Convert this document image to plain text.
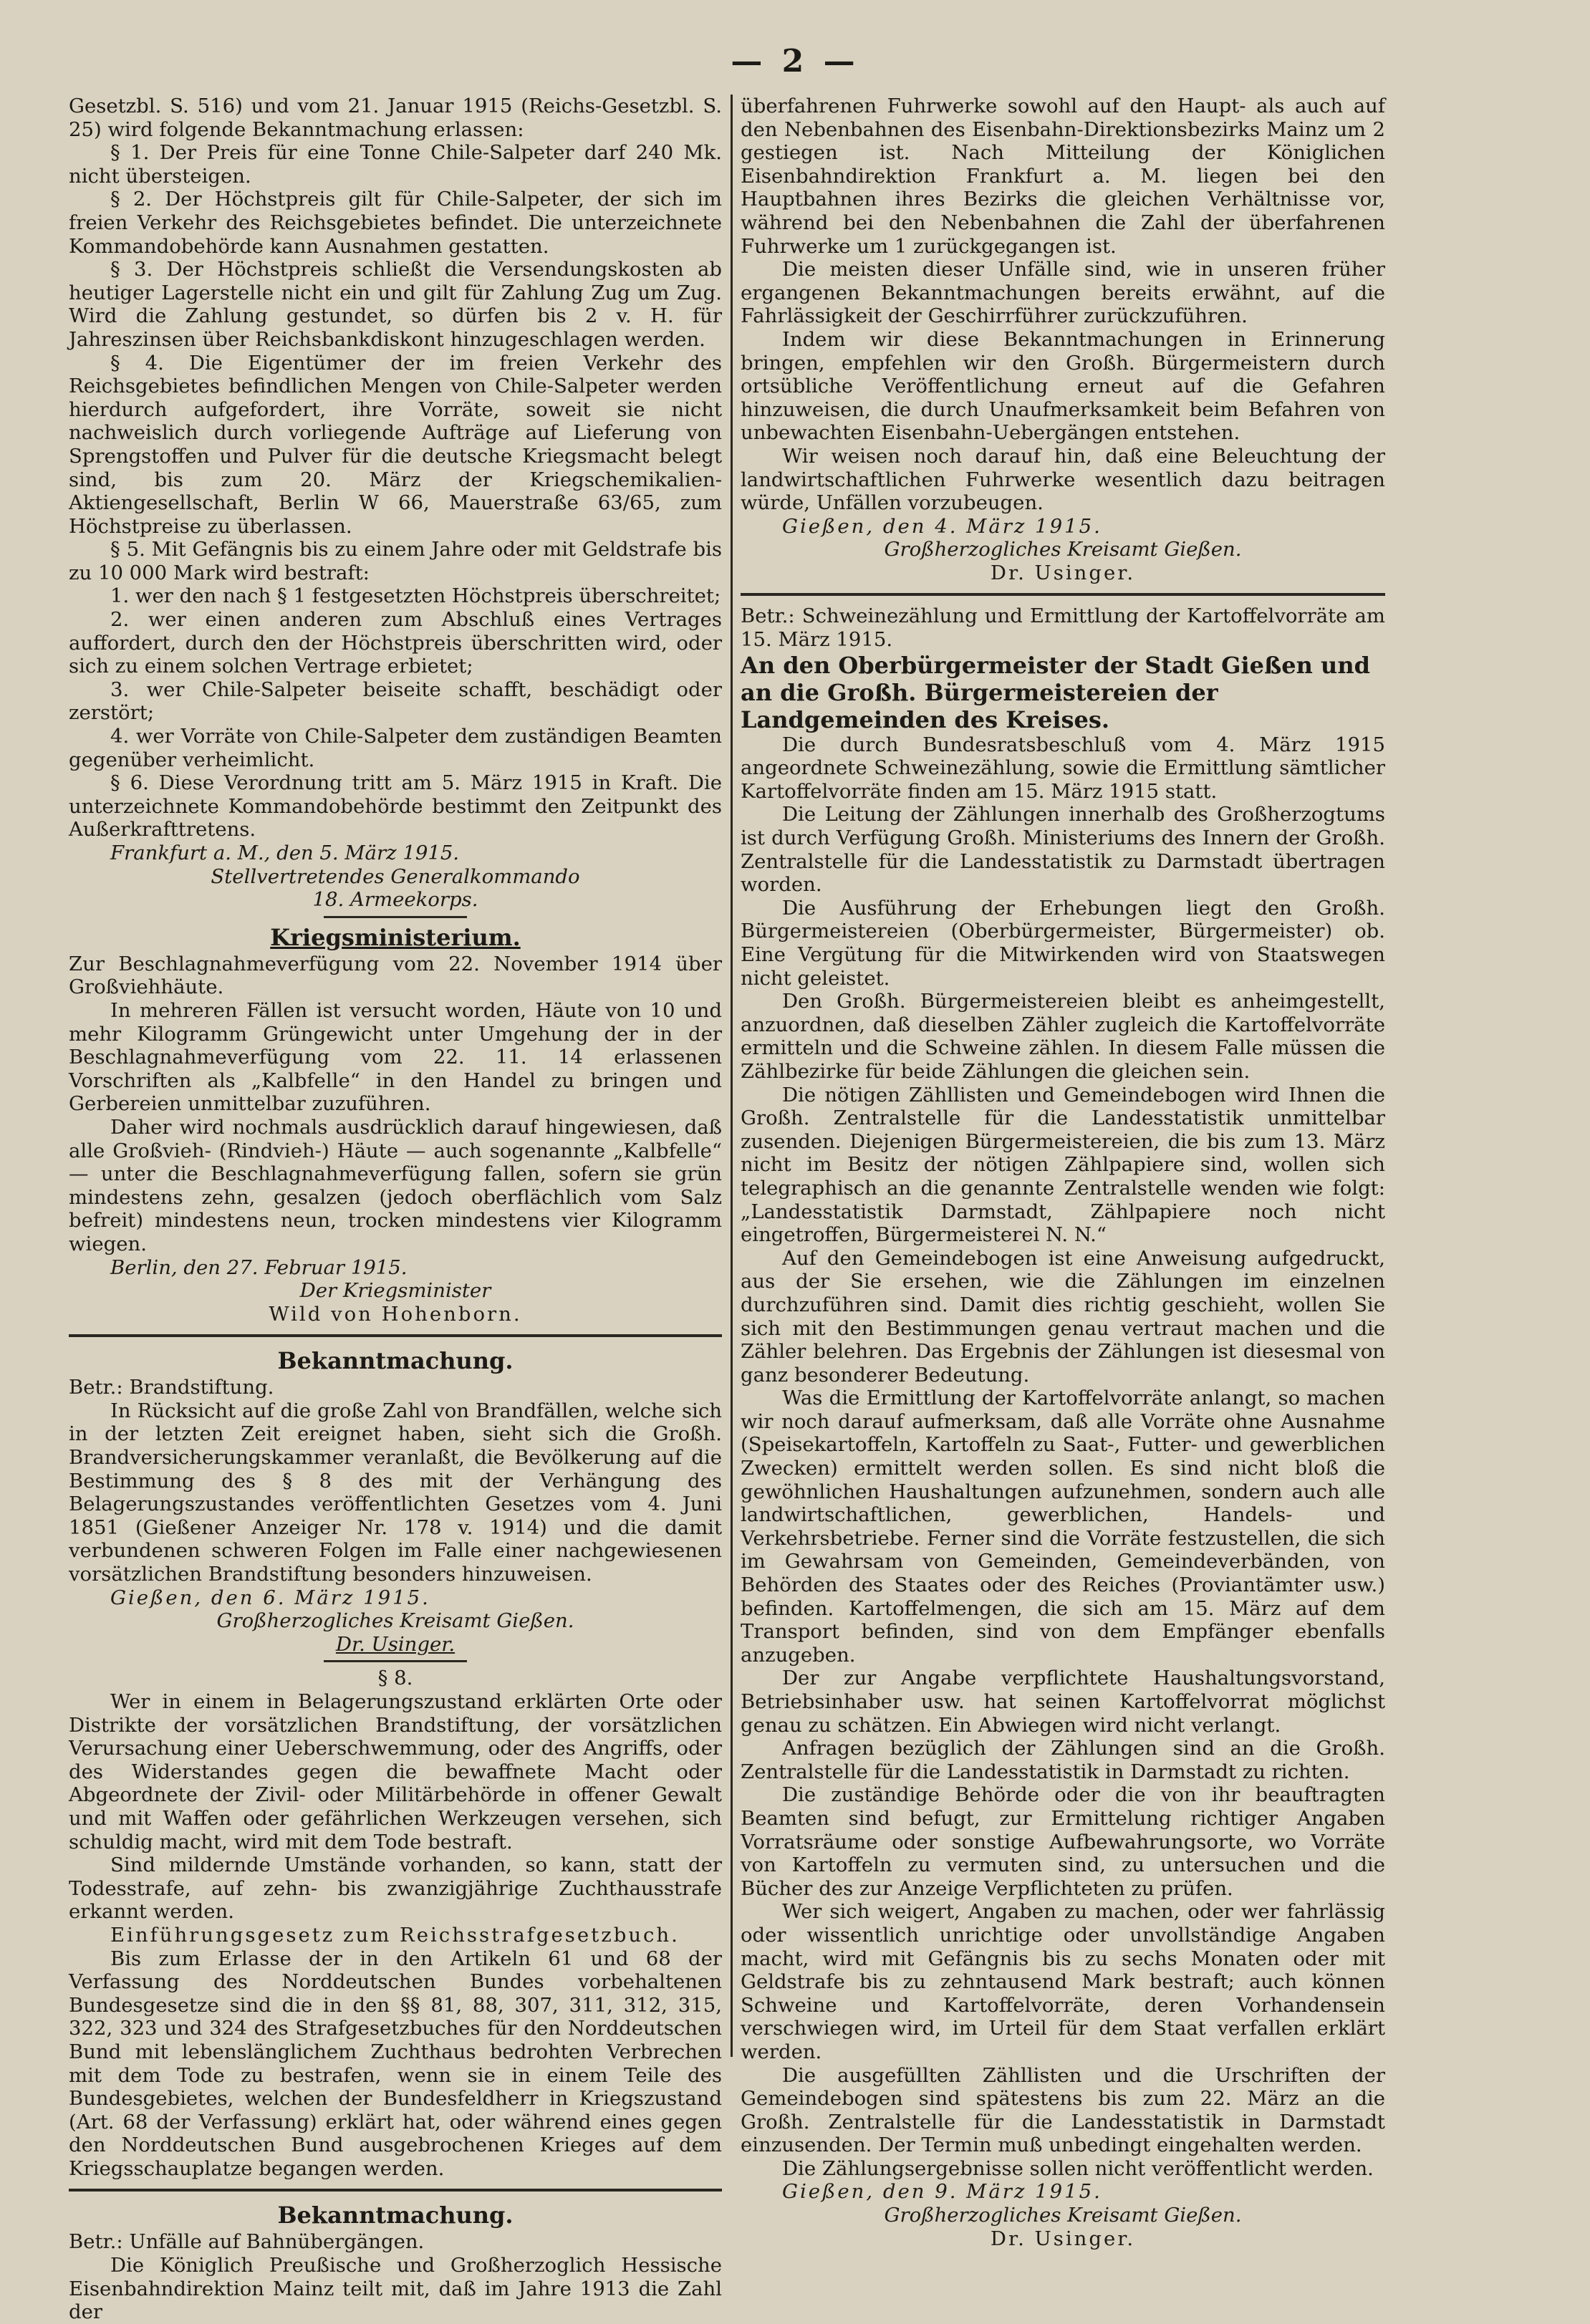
— 2 —

Gesetzbl. S. 516) und vom 21. Januar 1915 (Reichs-Gesetzbl. S. 25) wird folgende Bekanntmachung erlassen:

§ 1. Der Preis für eine Tonne Chile-Salpeter darf 240 Mk. nicht übersteigen.

§ 2. Der Höchstpreis gilt für Chile-Salpeter, der sich im freien Verkehr des Reichsgebietes befindet. Die unterzeichnete Kommandobehörde kann Ausnahmen gestatten.

§ 3. Der Höchstpreis schließt die Versendungskosten ab heutiger Lagerstelle nicht ein und gilt für Zahlung Zug um Zug. Wird die Zahlung gestundet, so dürfen bis 2 v. H. für Jahreszinsen über Reichsbankdiskont hinzugeschlagen werden.

§ 4. Die Eigentümer der im freien Verkehr des Reichsgebietes befindlichen Mengen von Chile-Salpeter werden hierdurch aufgefordert, ihre Vorräte, soweit sie nicht nachweislich durch vorliegende Aufträge auf Lieferung von Sprengstoffen und Pulver für die deutsche Kriegsmacht belegt sind, bis zum 20. März der Kriegschemikalien-Aktiengesellschaft, Berlin W 66, Mauerstraße 63/65, zum Höchstpreise zu überlassen.

§ 5. Mit Gefängnis bis zu einem Jahre oder mit Geldstrafe bis zu 10 000 Mark wird bestraft:

1. wer den nach § 1 festgesetzten Höchstpreis überschreitet;

2. wer einen anderen zum Abschluß eines Vertrages auffordert, durch den der Höchstpreis überschritten wird, oder sich zu einem solchen Vertrage erbietet;

3. wer Chile-Salpeter beiseite schafft, beschädigt oder zerstört;

4. wer Vorräte von Chile-Salpeter dem zuständigen Beamten gegenüber verheimlicht.

§ 6. Diese Verordnung tritt am 5. März 1915 in Kraft. Die unterzeichnete Kommandobehörde bestimmt den Zeitpunkt des Außerkrafttretens.

Frankfurt a. M., den 5. März 1915.

Stellvertretendes Generalkommando

18. Armeekorps.

Kriegsministerium.

Zur Beschlagnahmeverfügung vom 22. November 1914 über Großviehhäute.

In mehreren Fällen ist versucht worden, Häute von 10 und mehr Kilogramm Grüngewicht unter Umgehung der in der Beschlagnahmeverfügung vom 22. 11. 14 erlassenen Vorschriften als „Kalbfelle“ in den Handel zu bringen und Gerbereien unmittelbar zuzuführen.

Daher wird nochmals ausdrücklich darauf hingewiesen, daß alle Großvieh- (Rindvieh-) Häute — auch sogenannte „Kalbfelle“ — unter die Beschlagnahmeverfügung fallen, sofern sie grün mindestens zehn, gesalzen (jedoch oberflächlich vom Salz befreit) mindestens neun, trocken mindestens vier Kilogramm wiegen.

Berlin, den 27. Februar 1915.

Der Kriegsminister

Wild von Hohenborn.

Bekanntmachung.

Betr.: Brandstiftung.

In Rücksicht auf die große Zahl von Brandfällen, welche sich in der letzten Zeit ereignet haben, sieht sich die Großh. Brandversicherungskammer veranlaßt, die Bevölkerung auf die Bestimmung des § 8 des mit der Verhängung des Belagerungszustandes veröffentlichten Gesetzes vom 4. Juni 1851 (Gießener Anzeiger Nr. 178 v. 1914) und die damit verbundenen schweren Folgen im Falle einer nachgewiesenen vorsätzlichen Brandstiftung besonders hinzuweisen.

Gießen, den 6. März 1915.

Großherzogliches Kreisamt Gießen.

Dr. Usinger.

§ 8.

Wer in einem in Belagerungszustand erklärten Orte oder Distrikte der vorsätzlichen Brandstiftung, der vorsätzlichen Verursachung einer Ueberschwemmung, oder des Angriffs, oder des Widerstandes gegen die bewaffnete Macht oder Abgeordnete der Zivil- oder Militärbehörde in offener Gewalt und mit Waffen oder gefährlichen Werkzeugen versehen, sich schuldig macht, wird mit dem Tode bestraft.

Sind mildernde Umstände vorhanden, so kann, statt der Todesstrafe, auf zehn- bis zwanzigjährige Zuchthausstrafe erkannt werden.

Einführungsgesetz zum Reichsstrafgesetzbuch.

Bis zum Erlasse der in den Artikeln 61 und 68 der Verfassung des Norddeutschen Bundes vorbehaltenen Bundesgesetze sind die in den §§ 81, 88, 307, 311, 312, 315, 322, 323 und 324 des Strafgesetzbuches für den Norddeutschen Bund mit lebenslänglichem Zuchthaus bedrohten Verbrechen mit dem Tode zu bestrafen, wenn sie in einem Teile des Bundesgebietes, welchen der Bundesfeldherr in Kriegszustand (Art. 68 der Verfassung) erklärt hat, oder während eines gegen den Norddeutschen Bund ausgebrochenen Krieges auf dem Kriegsschauplatze begangen werden.

Bekanntmachung.

Betr.: Unfälle auf Bahnübergängen.

Die Königlich Preußische und Großherzoglich Hessische Eisenbahndirektion Mainz teilt mit, daß im Jahre 1913 die Zahl der

überfahrenen Fuhrwerke sowohl auf den Haupt- als auch auf den Nebenbahnen des Eisenbahn-Direktionsbezirks Mainz um 2 gestiegen ist. Nach Mitteilung der Königlichen Eisenbahndirektion Frankfurt a. M. liegen bei den Hauptbahnen ihres Bezirks die gleichen Verhältnisse vor, während bei den Nebenbahnen die Zahl der überfahrenen Fuhrwerke um 1 zurückgegangen ist.

Die meisten dieser Unfälle sind, wie in unseren früher ergangenen Bekanntmachungen bereits erwähnt, auf die Fahrlässigkeit der Geschirrführer zurückzuführen.

Indem wir diese Bekanntmachungen in Erinnerung bringen, empfehlen wir den Großh. Bürgermeistern durch ortsübliche Veröffentlichung erneut auf die Gefahren hinzuweisen, die durch Unaufmerksamkeit beim Befahren von unbewachten Eisenbahn-Uebergängen entstehen.

Wir weisen noch darauf hin, daß eine Beleuchtung der landwirtschaftlichen Fuhrwerke wesentlich dazu beitragen würde, Unfällen vorzubeugen.

Gießen, den 4. März 1915.

Großherzogliches Kreisamt Gießen.

Dr. Usinger.

Betr.: Schweinezählung und Ermittlung der Kartoffelvorräte am 15. März 1915.

An den Oberbürgermeister der Stadt Gießen und an die Großh. Bürgermeistereien der Landgemeinden des Kreises.

Die durch Bundesratsbeschluß vom 4. März 1915 angeordnete Schweinezählung, sowie die Ermittlung sämtlicher Kartoffelvorräte finden am 15. März 1915 statt.

Die Leitung der Zählungen innerhalb des Großherzogtums ist durch Verfügung Großh. Ministeriums des Innern der Großh. Zentralstelle für die Landesstatistik zu Darmstadt übertragen worden.

Die Ausführung der Erhebungen liegt den Großh. Bürgermeistereien (Oberbürgermeister, Bürgermeister) ob. Eine Vergütung für die Mitwirkenden wird von Staatswegen nicht geleistet.

Den Großh. Bürgermeistereien bleibt es anheimgestellt, anzuordnen, daß dieselben Zähler zugleich die Kartoffelvorräte ermitteln und die Schweine zählen. In diesem Falle müssen die Zählbezirke für beide Zählungen die gleichen sein.

Die nötigen Zähllisten und Gemeindebogen wird Ihnen die Großh. Zentralstelle für die Landesstatistik unmittelbar zusenden. Diejenigen Bürgermeistereien, die bis zum 13. März nicht im Besitz der nötigen Zählpapiere sind, wollen sich telegraphisch an die genannte Zentralstelle wenden wie folgt: „Landesstatistik Darmstadt, Zählpapiere noch nicht eingetroffen, Bürgermeisterei N. N.“

Auf den Gemeindebogen ist eine Anweisung aufgedruckt, aus der Sie ersehen, wie die Zählungen im einzelnen durchzuführen sind. Damit dies richtig geschieht, wollen Sie sich mit den Bestimmungen genau vertraut machen und die Zähler belehren. Das Ergebnis der Zählungen ist diesesmal von ganz besonderer Bedeutung.

Was die Ermittlung der Kartoffelvorräte anlangt, so machen wir noch darauf aufmerksam, daß alle Vorräte ohne Ausnahme (Speisekartoffeln, Kartoffeln zu Saat-, Futter- und gewerblichen Zwecken) ermittelt werden sollen. Es sind nicht bloß die gewöhnlichen Haushaltungen aufzunehmen, sondern auch alle landwirtschaftlichen, gewerblichen, Handels- und Verkehrsbetriebe. Ferner sind die Vorräte festzustellen, die sich im Gewahrsam von Gemeinden, Gemeindeverbänden, von Behörden des Staates oder des Reiches (Proviantämter usw.) befinden. Kartoffelmengen, die sich am 15. März auf dem Transport befinden, sind von dem Empfänger ebenfalls anzugeben.

Der zur Angabe verpflichtete Haushaltungsvorstand, Betriebsinhaber usw. hat seinen Kartoffelvorrat möglichst genau zu schätzen. Ein Abwiegen wird nicht verlangt.

Anfragen bezüglich der Zählungen sind an die Großh. Zentralstelle für die Landesstatistik in Darmstadt zu richten.

Die zuständige Behörde oder die von ihr beauftragten Beamten sind befugt, zur Ermittelung richtiger Angaben Vorratsräume oder sonstige Aufbewahrungsorte, wo Vorräte von Kartoffeln zu vermuten sind, zu untersuchen und die Bücher des zur Anzeige Verpflichteten zu prüfen.

Wer sich weigert, Angaben zu machen, oder wer fahrlässig oder wissentlich unrichtige oder unvollständige Angaben macht, wird mit Gefängnis bis zu sechs Monaten oder mit Geldstrafe bis zu zehntausend Mark bestraft; auch können Schweine und Kartoffelvorräte, deren Vorhandensein verschwiegen wird, im Urteil für dem Staat verfallen erklärt werden.

Die ausgefüllten Zähllisten und die Urschriften der Gemeindebogen sind spätestens bis zum 22. März an die Großh. Zentralstelle für die Landesstatistik in Darmstadt einzusenden. Der Termin muß unbedingt eingehalten werden.

Die Zählungsergebnisse sollen nicht veröffentlicht werden.

Gießen, den 9. März 1915.

Großherzogliches Kreisamt Gießen.

Dr. Usinger.
